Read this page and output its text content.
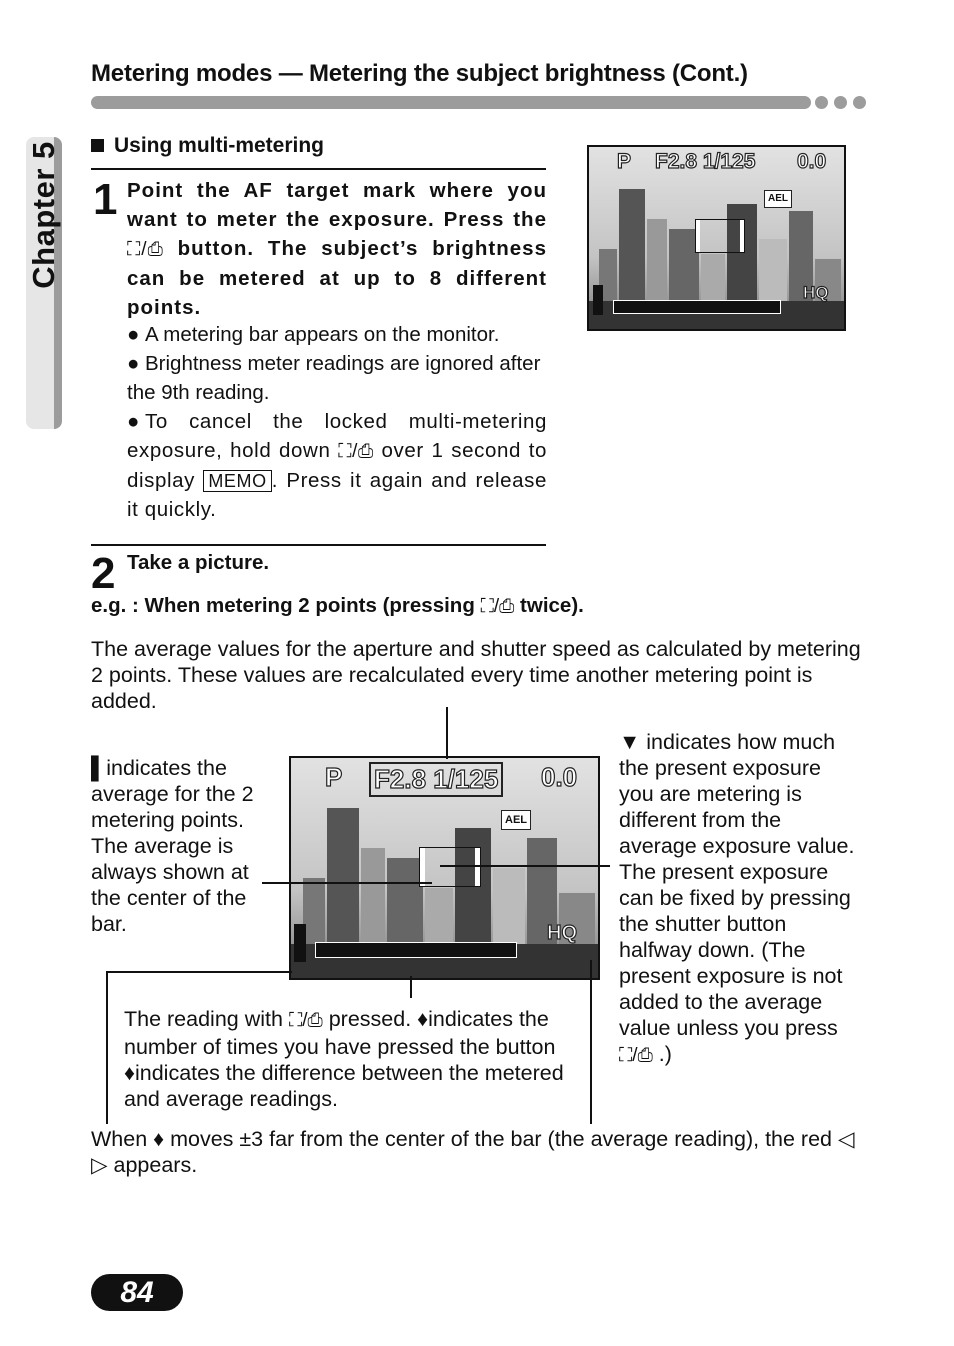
Metering modes — Metering the subject brightness (Cont.)
Chapter 5	Using multi-metering
1 Point the AF target mark where you want to meter the exposure. Press the ⛶/⎙ button. The subject’s brightness can be metered at up to 8 different points.
● A metering bar appears on the monitor.
● Brightness meter readings are ignored after the 9th reading.
● To cancel the locked multi-metering exposure, hold down ⛶/⎙ over 1 second to display MEMO . Press it again and release it quickly.
2 Take a picture.
e.g. : When metering 2 points (pressing ⛶/⎙ twice).
The average values for the aperture and shutter speed as calculated by metering 2 points. These values are recalculated every time another metering point is added.
P F2.8 1/125 0.0
AEL
HQ
P F2.8 1/125 0.0
AEL
HQ
▌indicates the average for the 2 metering points. The average is always shown at the center of the bar.
▼ indicates how much the present exposure you are metering is different from the average exposure value. The present exposure can be fixed by pressing the shutter button halfway down. (The present exposure is not added to the average value unless you press ⛶/⎙ .)
The reading with ⛶/⎙ pressed. ♦indicates the number of times you have pressed the button ♦indicates the difference between the metered and average readings.
When ♦ moves ±3 far from the center of the bar (the average reading), the red ◁ ▷ appears.
84
